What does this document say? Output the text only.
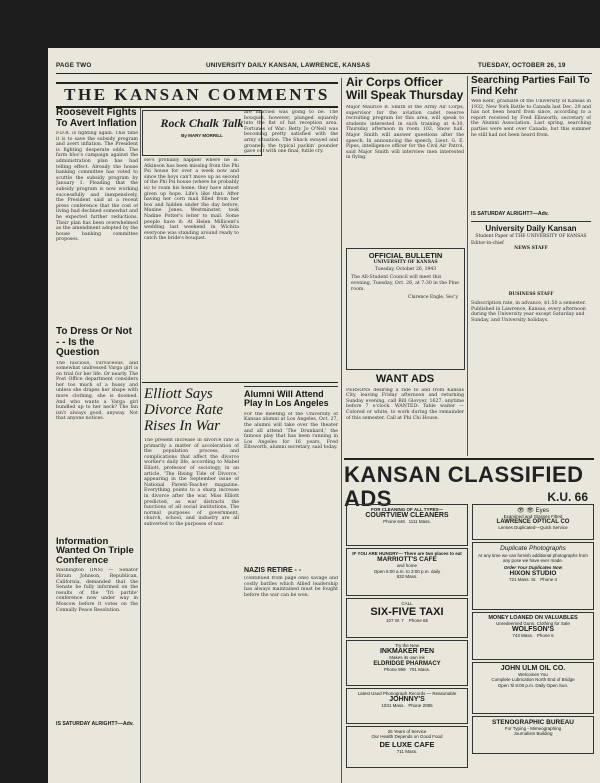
PAGE TWO	UNIVERSITY DAILY KANSAN, LAWRENCE, KANSAS	TUESDAY, OCTOBER 26, 19
THE KANSAN COMMENTS
Roosevelt Fights To Avert Inflation
F.D.R. is fighting again. This time it is to save the subsidy program and avert inflation. The President is fighting desperate odds. The farm bloc's campaign against the administration plan has had telling effect. Already the house banking committee has voted to scuttle the subsidy program by January 1. Pleading that the subsidy program is now working successfully and inexpensively, the President said at a recent press conference that the cost of living had declined somewhat and he expected further reductions. Their plan has been overwhelmed as the amendment adopted by the house banking committee proposes.
To Dress Or Not - - Is the Question
The luscious, curvaceous, and somewhat undressed Varga girl is on trial for her life. Or nearly. The Post Office department considers her too much of a hussy and unless she drapes her shape with more clothing, she is doomed. And who wants a Varga girl bundled up to her neck? The fan isn't always good, anyway. Not that anyone notices.
Information Wanted On Triple Conference
Washington (INS) — Senator Hiram Johnson, Republican, California, demanded that the Senate be fully informed on the results of the 'Tri partite' conference now under way in Moscow before it votes on the Connally Peace Resolution.
IS SATURDAY ALRIGHT?—Adv.
Rock Chalk Talk
By MARY MORRILL
He's probably happier where he is. Atkinson has been missing from the Phi Psi house for over a week now and since the boys can't move up as second of the Phi Psi house (where he probably is) to roam his home, they have almost given up hope. Life's like that: After having her corn mail filled from her box and hidden under the day before, Maxine Jones, Westminster, took Nadine Potter's letter to mail. Some people have it: At Helen Millicent's wedding last weekend in Wichita everyone was standing around ready to catch the bride's bouquet.
are married was going to be. The bouquet, however, plunged squarely into the fist of hat reception area. Fortunes of War: Betty Jo O'Neil was becoming pretty satisfied with the army situation. The Shack swayed and groaned; the typical packin' pounder gave out with one final, futile cry.
Elliott Says Divorce Rate Rises In War
The present increase in divorce rate is primarily a matter of acceleration of the population process, and complications that affect the divorce worker's daily life, according to Mabel Elliott, professor of sociology, in an article, 'The Rising Tide of Divorce,' appearing in the September issue of National Parent-Teacher magazine. Everything points to a sharp increase in divorce after the war, Miss Elliott predicted, as war distracts the functions of all social institutions. The normal purposes of government, church, school, and industry are all subverted to the purposes of war.
Alumni Will Attend Play In Los Angeles
For the meeting of the University of Kansas alumni at Los Angeles, Oct. 27, the alumni will take over the theater and all attend 'The Drunkard,' the famous play that has been running in Los Angeles for 16 years, Fred Ellsworth, alumni secretary, said today.
NAZIS RETIRE - -
(continued from page one) savage and costly battles which Allied leadership has always maintained must be fought before the war can be won.
Air Corps Officer Will Speak Thursday
Major Maurice B. Smith of the Army Air Corps, supervisor for the aviation cadet reserve recruiting program for this area, will speak to students interested in such training at 4:30, Thursday afternoon in room 102, Snow hall. Major Smith will answer questions after the speech. In announcing the speech, Lieut. G. E. Pipes, intelligence officer for the Civil Air Patrol, said Major Smith will interview men interested in flying.
OFFICIAL BULLETIN
UNIVERSITY OF KANSAS
Tuesday, October 26, 1943
The All-Student Council will meet this evening, Tuesday, Oct. 26, at 7:30 in the Pine room.
Clarence Engle, Sec'y
WANT ADS
PERSONS desiring a ride to and from Kansas City, leaving Friday afternoon and returning Sunday evening, call Bill Glovyer, 1627, anytime before 7 o'clock. WANTED: Table waiter — Colored or white, to work during the remainder of this semester. Call at Phi Chi House.
Searching Parties Fail To Find Kehr
Web Kehr, graduate of the University of Kansas in 1932, New York Battle to Canada last Dec. 29 and has not been heard from since, according to a report received by Fred Ellsworth, secretary of the Alumni Association. Last spring, searching parties were sent over Canada, but this summer he still had not been heard from.
IS SATURDAY ALRIGHT?—Adv.
University Daily Kansan
Student Paper of THE UNIVERSITY OF KANSAS
Editor-in-chief
NEWS STAFF
BUSINESS STAFF
Subscription rate, in advance, $1.50 a semester. Published in Lawrence, Kansas, every afternoon during the University year except Saturday and Sunday, and University holidays.
KANSAN CLASSIFIED ADS	K.U. 66
FOR CLEANING OF ALL TYPES—
COURTVIEW CLEANERS
Phone 646 1111 Mass.
IF YOU ARE HUNGRY— There are two places to eat
MARRIOTT'S CAFE
and home
Open 6:00 a.m. to 3:00 p.m. daily
832 Mass.
CALL
SIX-FIVE TAXI
107 W. 7 Phone 65
Try the New
INKMAKER PEN
Makes its own ink
ELDRIDGE PHARMACY
Phone 999 701 Mass.
Latest Used Phonograph Records — Reasonable
JOHNNY'S
1031 Mass. Phone 2085
25 Years of Service
Our Health Depends on Good Food
DE LUXE CAFE
711 Mass.
👁 👁 Eyes
Examined and Glasses Fitted
LAWRENCE OPTICAL CO
Lenses Duplicated—Quick Service
Duplicate Photographs
At any time we can furnish additional photographs from any pose we have ever made.
Order Your Duplicates Now
HIXON STUDIO
721 Mass. St. Phone 4
MONEY LOANED ON VALUABLES
Unredeemed Guns, Clothing for Sale
WOLFSON'S
743 Mass. Phone 6
JOHN ULM OIL CO.
Welcomes You
Complete Lubrication North End of Bridge
Open 'til 9:00 p.m. Daily Open Sun.
STENOGRAPHIC BUREAU
For Typing - Mimeographing
Journalism Building
